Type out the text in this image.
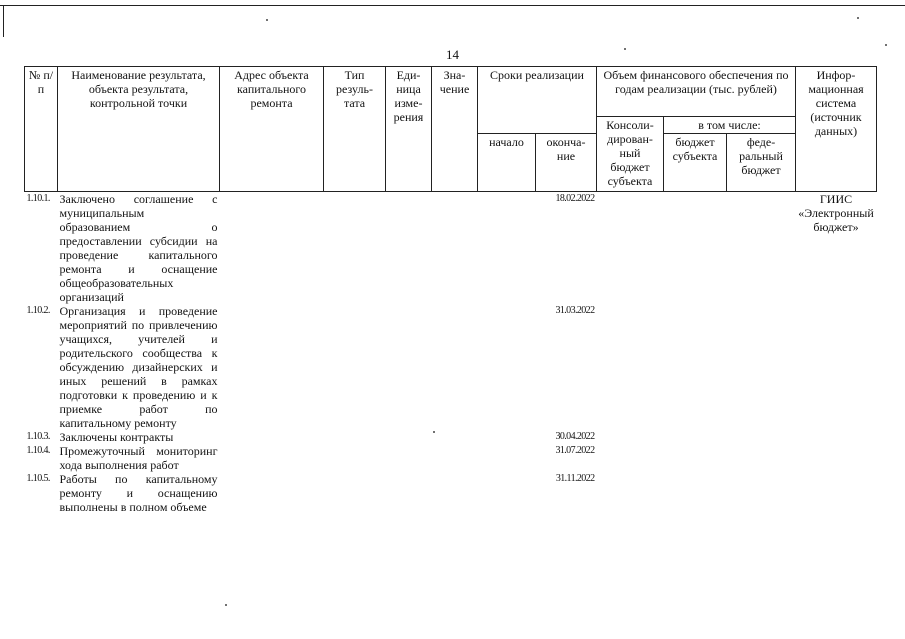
14
№ п/п	Наименование результата, объекта результата, контрольной точки	Адрес объекта капитального ремонта	Тип резуль-тата	Еди-ница изме-рения	Зна-чение	Сроки реализации		Объем финансового обеспечения по годам реализации (тыс. рублей)			Инфор-мационная система (источник данных)
								Консоли-дирован-ный бюджет субъекта	в том числе:		
						начало	оконча-ние		бюджет субъекта	феде-ральный бюджет	
1.10.1.	Заключено соглашение с муниципальным образованием о предоставлении субсидии на проведение капитального ремонта и оснащение общеобразовательных организаций						18.02.2022				ГИИС «Электронный бюджет»
1.10.2.	Организация и проведение мероприятий по привлечению учащихся, учителей и родительского сообщества к обсуждению дизайнерских и иных решений в рамках подготовки к проведению и к приемке работ по капитальному ремонту						31.03.2022				
1.10.3.	Заключены контракты						30.04.2022				
1.10.4.	Промежуточный мониторинг хода выполнения работ						31.07.2022				
1.10.5.	Работы по капитальному ремонту и оснащению выполнены в полном объеме						31.11.2022				
